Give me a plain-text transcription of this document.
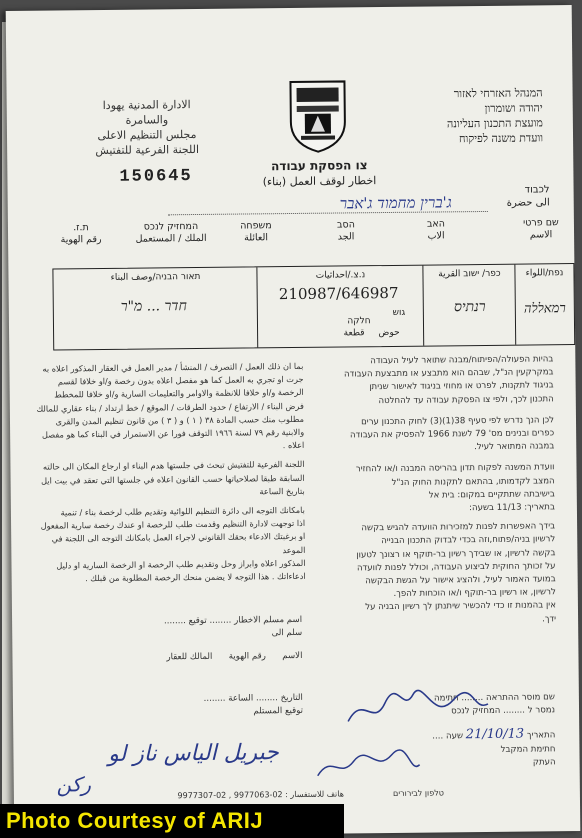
המנהל האזרחי לאזור
יהודה ושומרון
מועצת התכנון העליונה
וועדת משנה לפיקוח
الادارة المدنية يهودا
والسامرة
مجلس التنظيم الاعلى
اللجنة الفرعية للتفتيش
150645
צו הפסקת עבודה
اخطار لوقف العمل (بناء)
לכבוד
الى حضرة
ג'ברין מחמוד ג'אבר
שם פרטי
الاسم
האב
الاب
הסב
الجد
משפחה
العائلة
המחזיק לנכס
الملك / المستعمل
ת.ז.
رقم الهوية
נפת/اللواء
רמאללה
כפר/ ישוב القرية
רנתיס
נ.צ./احداثيات
210987/646987
גוש
חלקה
حوض
قطعة
תאור הבניה/وصف البناء
חדר ... מ"ר
בהיות הפעולה/הפיתוח/מבנה שתואר לעיל העבודה
במקרקעין הנ"ל, שבהם הוא מתבצע או מתבצעת העבודה
בניגוד לתקנות, לפרט או מחוזי בניגוד לאישור שניתן
התכנון לכך, ולפי צו הפסקת עבודה עד להחלטה
לכן הנך נדרש לפי סעיף 38(1)(3) לחוק התכנון ערים
כפרים ובנינים מס' 79 לשנת 1966 להפסיק את העבודה
במבנה המתואר לעיל.
וועדת המשנה לפקוח תדון בהריסה המבנה ו/או להחזיר
המצב לקדמותו, בהתאם לתקנות החוק הנ"ל
בישיבתה שתתקיים במקום: בית אל
בתאריך: 11/13 בשעה:
בידך האפשרות לפנות למזכירות הוועדה להגיש בקשה
לרשיון בניה/פתוח,וזה בכדי לבדוק התכנון הבנייה
בקשה לרשיון, או שבידך רשיון בר-תוקף או רצונך לטעון
על זכותך החוקית לביצוע העבודה, וכולל לפנות לוועדה
במועד האמור לעיל, ולהציג אישור על הגשת הבקשה
לרשיון, או רשיון בר-תוקף ו/או הוכחות להפך.
אין בהמנות זו כדי להכשיר שיתנתן לך רשיון הבניה על
ידך.
بما ان ذلك العمل / التصرف / المنشأ / مدير العمل في العقار المذكور اعلاه به
جرت او تجري به العمل كما هو مفصل اعلاه بدون رخصة و/او خلافا لقسم
الرخصة و/او خلافا للانظمة والاوامر والتعليمات السارية و/او خلافا للمخطط
فرض البناء / الارتفاع / حدود الطرقات / الموقع / خط ارتداد / بناء عقاري للمالك
مطلوب منك حسب المادة ٣٨ ( ١ ) و ( ٣ ) من قانون تنظيم المدن والقرى
والابنية رقم ٧٩ لسنة ١٩٦٦ التوقف فورا عن الاستمرار في البناء كما هو مفصل
اعلاه .
اللجنة الفرعية للتفتيش تبحث في جلستها هدم البناء او ارجاع المكان الى حالته
السابقة طبقا لصلاحياتها حسب القانون اعلاه في جلستها التي تعقد في بيت ايل
بتاريخ الساعة
بامكانك التوجه الى دائرة التنظيم اللوائية وتقديم طلب لرخصة بناء / تنمية
اذا توجهت لادارة التنظيم وقدمت طلب للرخصة او عندك رخصة سارية المفعول
او برغبتك الادعاء بحقك القانوني لاجراء العمل بامكانك التوجه الى اللجنة في الموعد
المذكور اعلاه وابراز وحل وتقديم طلب الرخصة او الرخصة السارية او دليل
ادعاءاتك . هذا التوجه لا يضمن منحك الرخصة المطلوبة من قبلك .
اسم مسلم الاخطار ........ توقيع ........
سلم الى
الاسم      رقم الهوية      المالك للعقار
التاريخ ........ الساعة ........
توقيع المستلم
שם מוסר ההתראה ........ חתימה
נמסר ל ........ המחזיק לנכס
התאריך 21/10/13 שעה ....
חתימת המקבל
העתק
جبريل الياس ناز لو
ركن	هاتف للاستفسار : 02-9977063 , 02-9977307	טלפון לבירורים
Photo Courtesy of ARIJ
